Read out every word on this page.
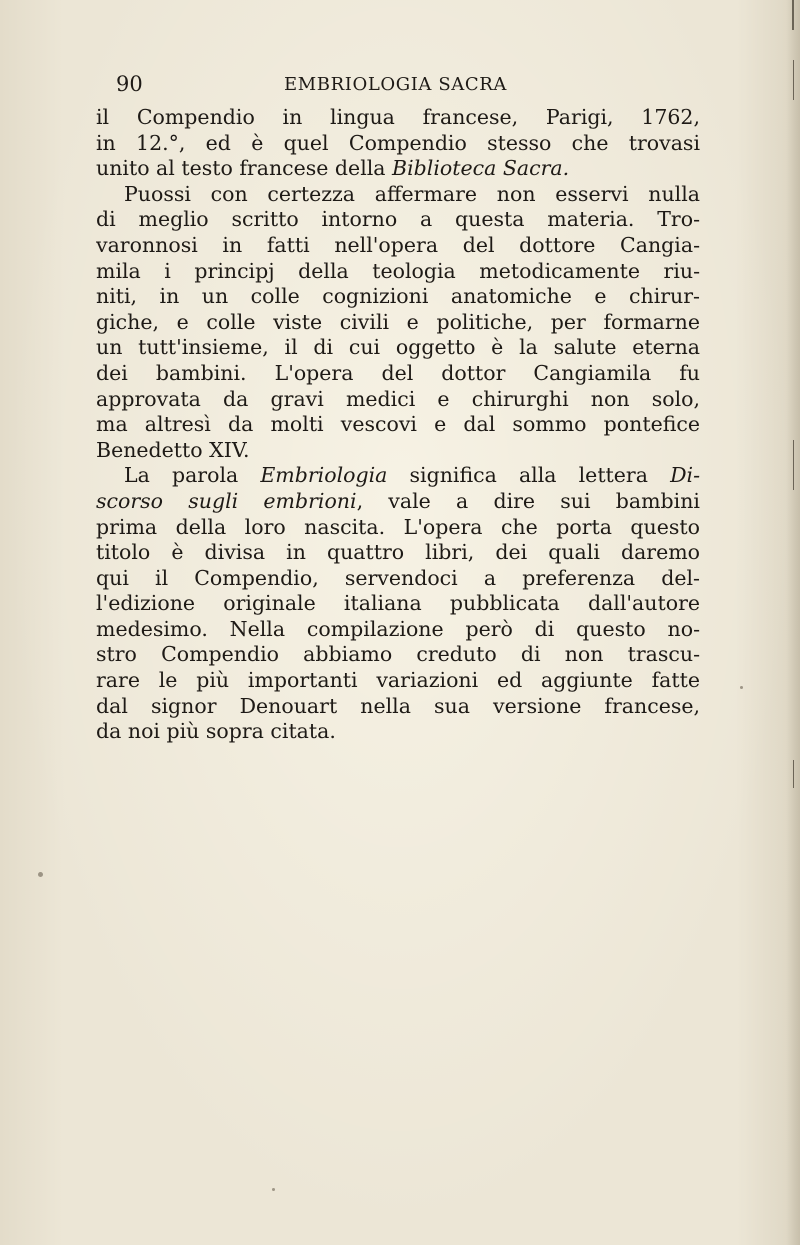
90	EMBRIOLOGIA SACRA
il Compendio in lingua francese, Parigi, 1762,
in 12.°, ed è quel Compendio stesso che trovasi
unito al testo francese della Biblioteca Sacra.
Puossi con certezza affermare non esservi nulla
di meglio scritto intorno a questa materia. Tro-
varonnosi in fatti nell'opera del dottore Cangia-
mila i principj della teologia metodicamente riu-
niti, in un colle cognizioni anatomiche e chirur-
giche, e colle viste civili e politiche, per formarne
un tutt'insieme, il di cui oggetto è la salute eterna
dei bambini. L'opera del dottor Cangiamila fu
approvata da gravi medici e chirurghi non solo,
ma altresì da molti vescovi e dal sommo pontefice
Benedetto XIV.
La parola Embriologia significa alla lettera Di-
scorso sugli embrioni, vale a dire sui bambini
prima della loro nascita. L'opera che porta questo
titolo è divisa in quattro libri, dei quali daremo
qui il Compendio, servendoci a preferenza del-
l'edizione originale italiana pubblicata dall'autore
medesimo. Nella compilazione però di questo no-
stro Compendio abbiamo creduto di non trascu-
rare le più importanti variazioni ed aggiunte fatte
dal signor Denouart nella sua versione francese,
da noi più sopra citata.
